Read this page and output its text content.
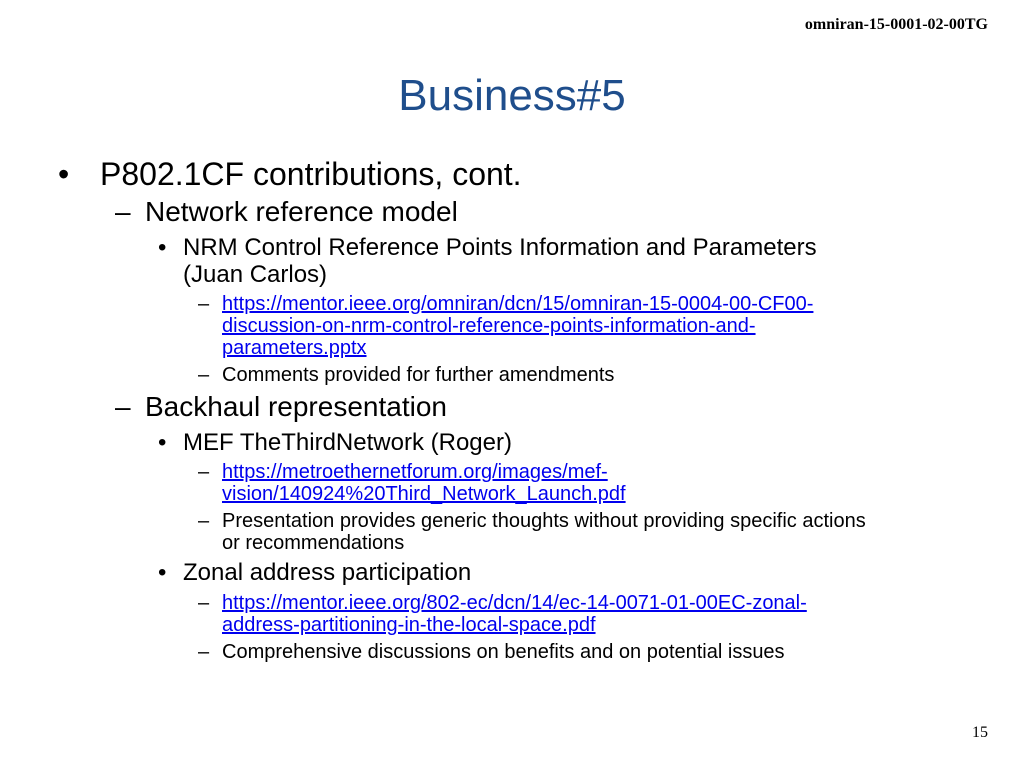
omniran-15-0001-02-00TG
Business#5
• P802.1CF contributions, cont.
– Network reference model
• NRM Control Reference Points Information and Parameters
(Juan Carlos)
– https://mentor.ieee.org/omniran/dcn/15/omniran-15-0004-00-CF00-
discussion-on-nrm-control-reference-points-information-and-
parameters.pptx
– Comments provided for further amendments
– Backhaul representation
• MEF TheThirdNetwork (Roger)
– https://metroethernetforum.org/images/mef-
vision/140924%20Third_Network_Launch.pdf
– Presentation provides generic thoughts without providing specific actions
or recommendations
• Zonal address participation
– https://mentor.ieee.org/802-ec/dcn/14/ec-14-0071-01-00EC-zonal-
address-partitioning-in-the-local-space.pdf
– Comprehensive discussions on benefits and on potential issues
15
